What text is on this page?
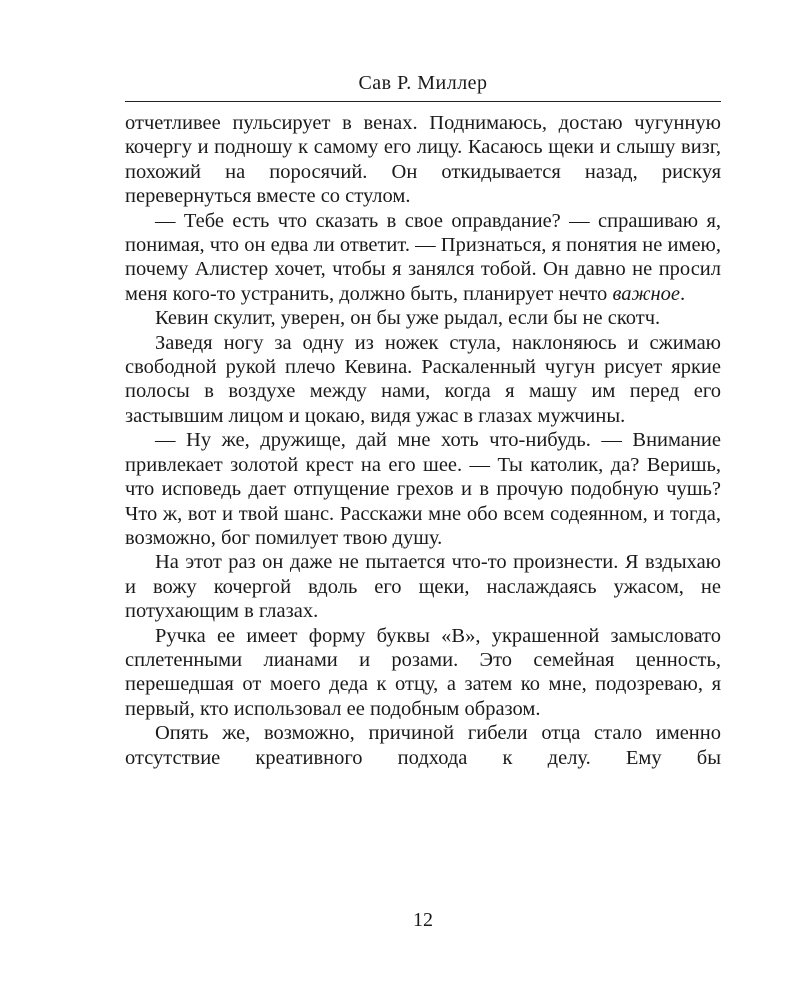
Сав Р. Миллер

отчетливее пульсирует в венах. Поднимаюсь, достаю чугунную кочергу и подношу к самому его лицу. Касаюсь щеки и слышу визг, похожий на поросячий. Он откидывается назад, рискуя перевернуться вместе со стулом.

— Тебе есть что сказать в свое оправдание? — спрашиваю я, понимая, что он едва ли ответит. — Признаться, я понятия не имею, почему Алистер хочет, чтобы я занялся тобой. Он давно не просил меня кого-то устранить, должно быть, планирует нечто важное.

Кевин скулит, уверен, он бы уже рыдал, если бы не скотч.

Заведя ногу за одну из ножек стула, наклоняюсь и сжимаю свободной рукой плечо Кевина. Раскаленный чугун рисует яркие полосы в воздухе между нами, когда я машу им перед его застывшим лицом и цокаю, видя ужас в глазах мужчины.

— Ну же, дружище, дай мне хоть что-нибудь. — Внимание привлекает золотой крест на его шее. — Ты католик, да? Веришь, что исповедь дает отпущение грехов и в прочую подобную чушь? Что ж, вот и твой шанс. Расскажи мне обо всем содеянном, и тогда, возможно, бог помилует твою душу.

На этот раз он даже не пытается что-то произнести. Я вздыхаю и вожу кочергой вдоль его щеки, наслаждаясь ужасом, не потухающим в глазах.

Ручка ее имеет форму буквы «В», украшенной замысловато сплетенными лианами и розами. Это семейная ценность, перешедшая от моего деда к отцу, а затем ко мне, подозреваю, я первый, кто использовал ее подобным образом.

Опять же, возможно, причиной гибели отца стало именно отсутствие креативного подхода к делу. Ему бы

12
